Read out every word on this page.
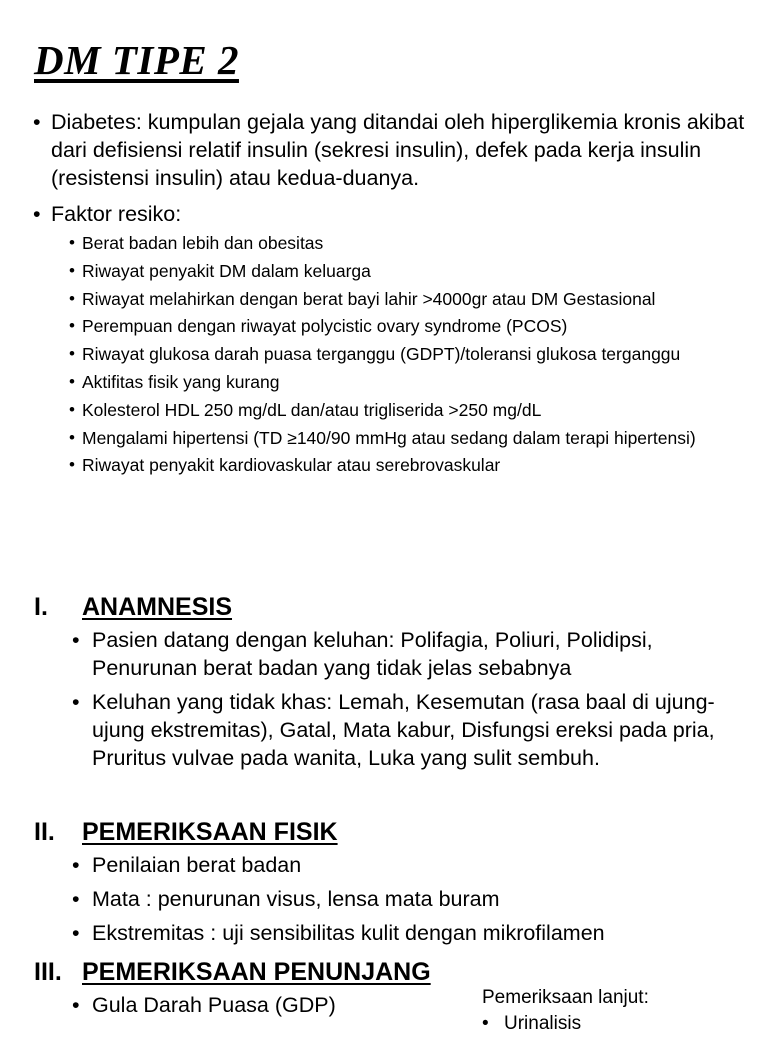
DM TIPE 2
• Diabetes: kumpulan gejala yang ditandai oleh hiperglikemia kronis akibat dari defisiensi relatif insulin (sekresi insulin), defek pada kerja insulin (resistensi insulin) atau kedua-duanya.
• Faktor resiko:
• Berat badan lebih dan obesitas
• Riwayat penyakit DM dalam keluarga
• Riwayat melahirkan dengan berat bayi lahir >4000gr atau DM Gestasional
• Perempuan dengan riwayat polycistic ovary syndrome (PCOS)
• Riwayat glukosa darah puasa terganggu (GDPT)/toleransi glukosa terganggu
• Aktifitas fisik yang kurang
• Kolesterol HDL 250 mg/dL dan/atau trigliserida >250 mg/dL
• Mengalami hipertensi (TD ≥140/90 mmHg atau sedang dalam terapi hipertensi)
• Riwayat penyakit kardiovaskular atau serebrovaskular
I.	ANAMNESIS
• Pasien datang dengan keluhan: Polifagia, Poliuri, Polidipsi, Penurunan berat badan yang tidak jelas sebabnya
• Keluhan yang tidak khas: Lemah, Kesemutan (rasa baal di ujung-ujung ekstremitas), Gatal, Mata kabur, Disfungsi ereksi pada pria, Pruritus vulvae pada wanita, Luka yang sulit sembuh.
II.	PEMERIKSAAN FISIK
• Penilaian berat badan
• Mata : penurunan visus, lensa mata buram
• Ekstremitas : uji sensibilitas kulit dengan mikrofilamen
III. PEMERIKSAAN PENUNJANG
• Gula Darah Puasa (GDP)	Pemeriksaan lanjut:
• Urinalisis
